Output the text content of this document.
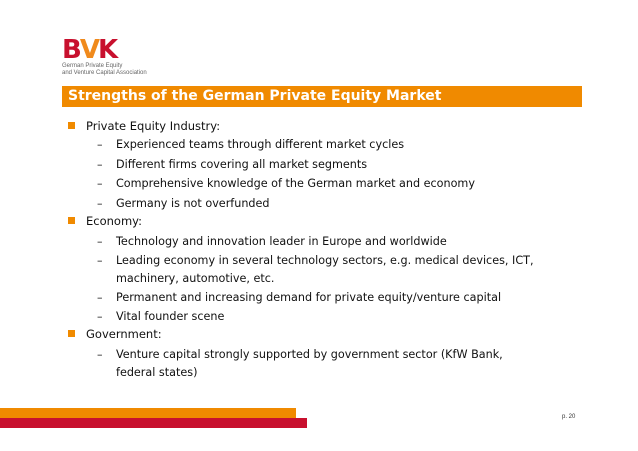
B V K
German Private Equity
and Venture Capital Association
Strengths of the German Private Equity Market
Private Equity Industry:
– Experienced teams through different market cycles
– Different firms covering all market segments
– Comprehensive knowledge of the German market and economy
– Germany is not overfunded
Economy:
– Technology and innovation leader in Europe and worldwide
– Leading economy in several technology sectors, e.g. medical devices, ICT,
machinery, automotive, etc.
– Permanent and increasing demand for private equity/venture capital
– Vital founder scene
Government:
– Venture capital strongly supported by government sector (KfW Bank,
federal states)
p. 20
